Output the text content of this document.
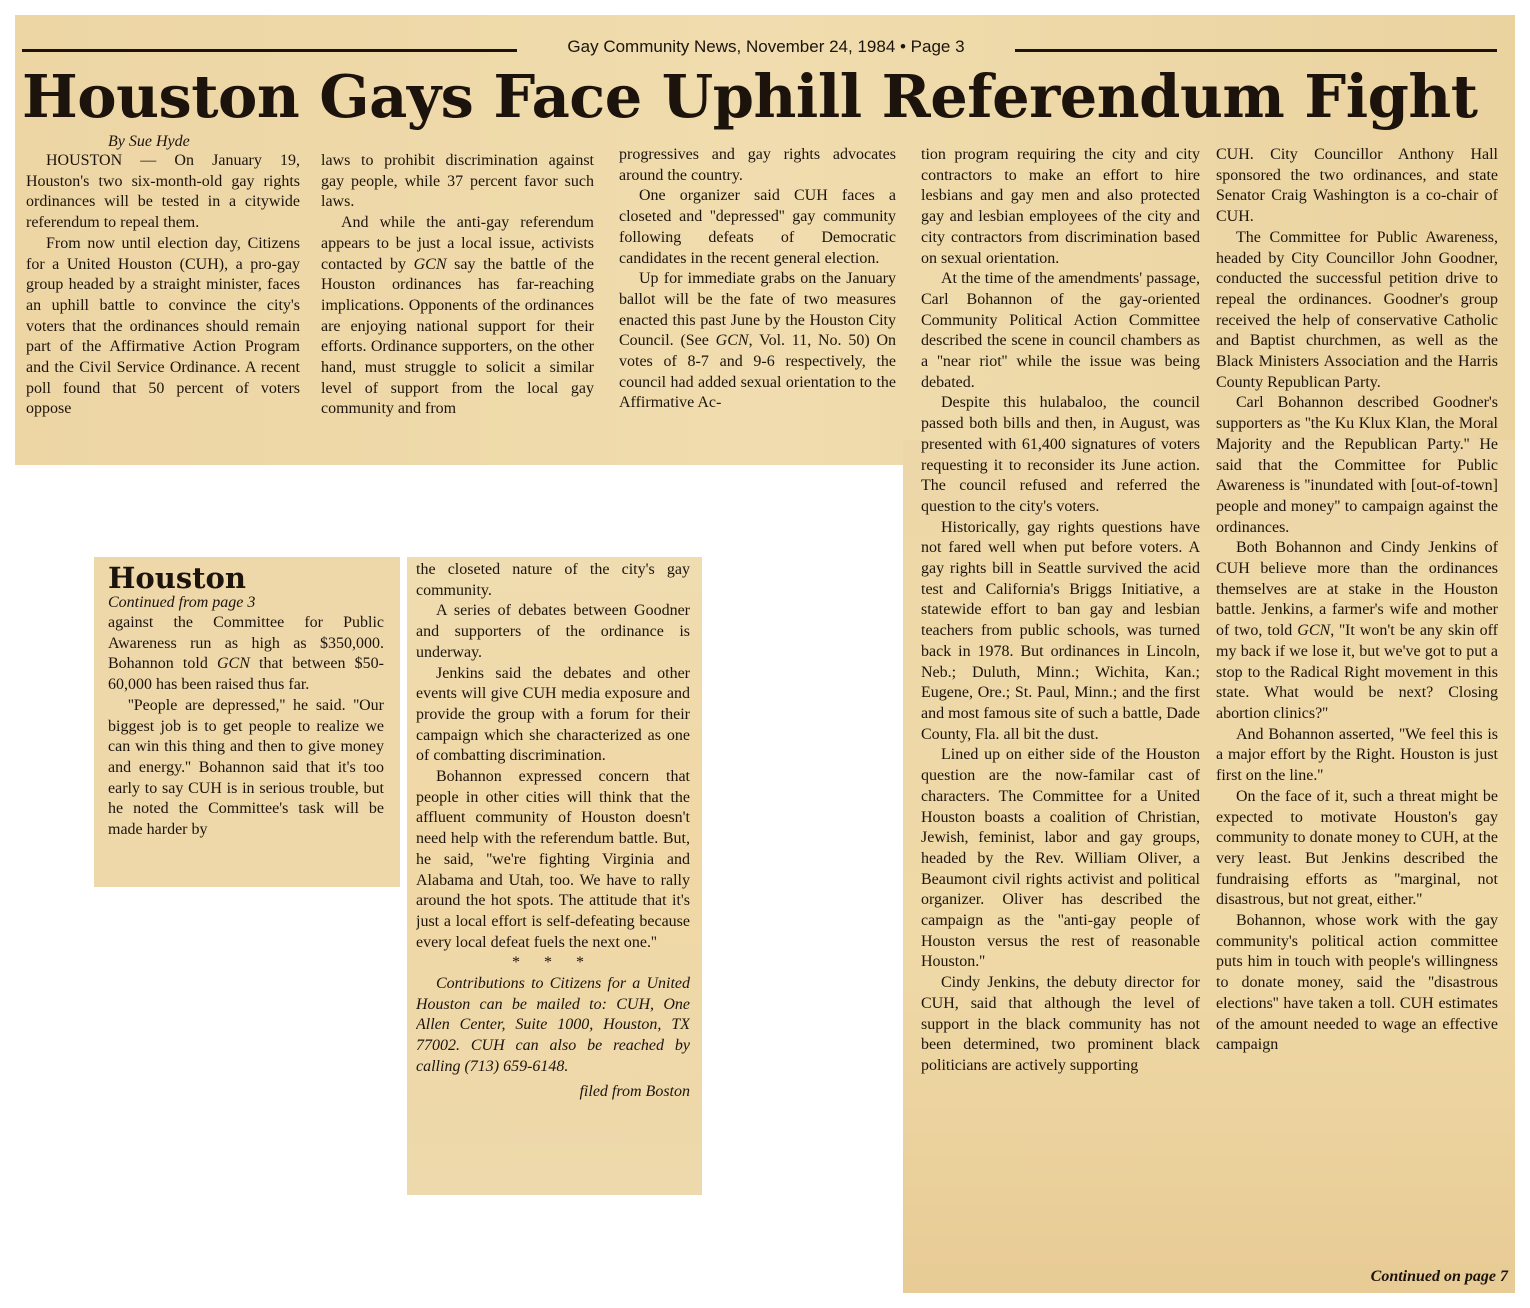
Gay Community News, November 24, 1984 • Page 3
Houston Gays Face Uphill Referendum Fight
By Sue Hyde

HOUSTON — On January 19, Houston's two six-month-old gay rights ordinances will be tested in a citywide referendum to repeal them.

From now until election day, Citizens for a United Houston (CUH), a pro-gay group headed by a straight minister, faces an uphill battle to convince the city's voters that the ordinances should remain part of the Affirmative Action Program and the Civil Service Ordinance. A recent poll found that 50 percent of voters oppose

laws to prohibit discrimination against gay people, while 37 percent favor such laws.

And while the anti-gay referendum appears to be just a local issue, activists contacted by GCN say the battle of the Houston ordinances has far-reaching implications. Opponents of the ordinances are enjoying national support for their efforts. Ordinance supporters, on the other hand, must struggle to solicit a similar level of support from the local gay community and from

progressives and gay rights advocates around the country.

One organizer said CUH faces a closeted and ''depressed'' gay community following defeats of Democratic candidates in the recent general election.

Up for immediate grabs on the January ballot will be the fate of two measures enacted this past June by the Houston City Council. (See GCN, Vol. 11, No. 50) On votes of 8-7 and 9-6 respectively, the council had added sexual orientation to the Affirmative Ac-

tion program requiring the city and city contractors to make an effort to hire lesbians and gay men and also protected gay and lesbian employees of the city and city contractors from discrimination based on sexual orientation.

At the time of the amendments' passage, Carl Bohannon of the gay-oriented Community Political Action Committee described the scene in council chambers as a ''near riot'' while the issue was being debated.

Despite this hulabaloo, the council passed both bills and then, in August, was presented with 61,400 signatures of voters requesting it to reconsider its June action. The council refused and referred the question to the city's voters.

Historically, gay rights questions have not fared well when put before voters. A gay rights bill in Seattle survived the acid test and California's Briggs Initiative, a statewide effort to ban gay and lesbian teachers from public schools, was turned back in 1978. But ordinances in Lincoln, Neb.; Duluth, Minn.; Wichita, Kan.; Eugene, Ore.; St. Paul, Minn.; and the first and most famous site of such a battle, Dade County, Fla. all bit the dust.

Lined up on either side of the Houston question are the now-familar cast of characters. The Committee for a United Houston boasts a coalition of Christian, Jewish, feminist, labor and gay groups, headed by the Rev. William Oliver, a Beaumont civil rights activist and political organizer. Oliver has described the campaign as the ''anti-gay people of Houston versus the rest of reasonable Houston.''

Cindy Jenkins, the debuty director for CUH, said that although the level of support in the black community has not been determined, two prominent black politicians are actively supporting

CUH. City Councillor Anthony Hall sponsored the two ordinances, and state Senator Craig Washington is a co-chair of CUH.

The Committee for Public Awareness, headed by City Councillor John Goodner, conducted the successful petition drive to repeal the ordinances. Goodner's group received the help of conservative Catholic and Baptist churchmen, as well as the Black Ministers Association and the Harris County Republican Party.

Carl Bohannon described Goodner's supporters as ''the Ku Klux Klan, the Moral Majority and the Republican Party.'' He said that the Committee for Public Awareness is ''inundated with [out-of-town] people and money'' to campaign against the ordinances.

Both Bohannon and Cindy Jenkins of CUH believe more than the ordinances themselves are at stake in the Houston battle. Jenkins, a farmer's wife and mother of two, told GCN, ''It won't be any skin off my back if we lose it, but we've got to put a stop to the Radical Right movement in this state. What would be next? Closing abortion clinics?''

And Bohannon asserted, ''We feel this is a major effort by the Right. Houston is just first on the line.''

On the face of it, such a threat might be expected to motivate Houston's gay community to donate money to CUH, at the very least. But Jenkins described the fundraising efforts as ''marginal, not disastrous, but not great, either.''

Bohannon, whose work with the gay community's political action committee puts him in touch with people's willingness to donate money, said the ''disastrous elections'' have taken a toll. CUH estimates of the amount needed to wage an effective campaign

Continued on page 7
Houston
Continued from page 3

against the Committee for Public Awareness run as high as $350,000. Bohannon told GCN that between $50-60,000 has been raised thus far.

''People are depressed,'' he said. ''Our biggest job is to get people to realize we can win this thing and then to give money and energy.'' Bohannon said that it's too early to say CUH is in serious trouble, but he noted the Committee's task will be made harder by

the closeted nature of the city's gay community.

A series of debates between Goodner and supporters of the ordinance is underway.

Jenkins said the debates and other events will give CUH media exposure and provide the group with a forum for their campaign which she characterized as one of combatting discrimination.

Bohannon expressed concern that people in other cities will think that the affluent community of Houston doesn't need help with the referendum battle. But, he said, ''we're fighting Virginia and Alabama and Utah, too. We have to rally around the hot spots. The attitude that it's just a local effort is self-defeating because every local defeat fuels the next one.''

* * *

Contributions to Citizens for a United Houston can be mailed to: CUH, One Allen Center, Suite 1000, Houston, TX 77002. CUH can also be reached by calling (713) 659-6148.

filed from Boston
